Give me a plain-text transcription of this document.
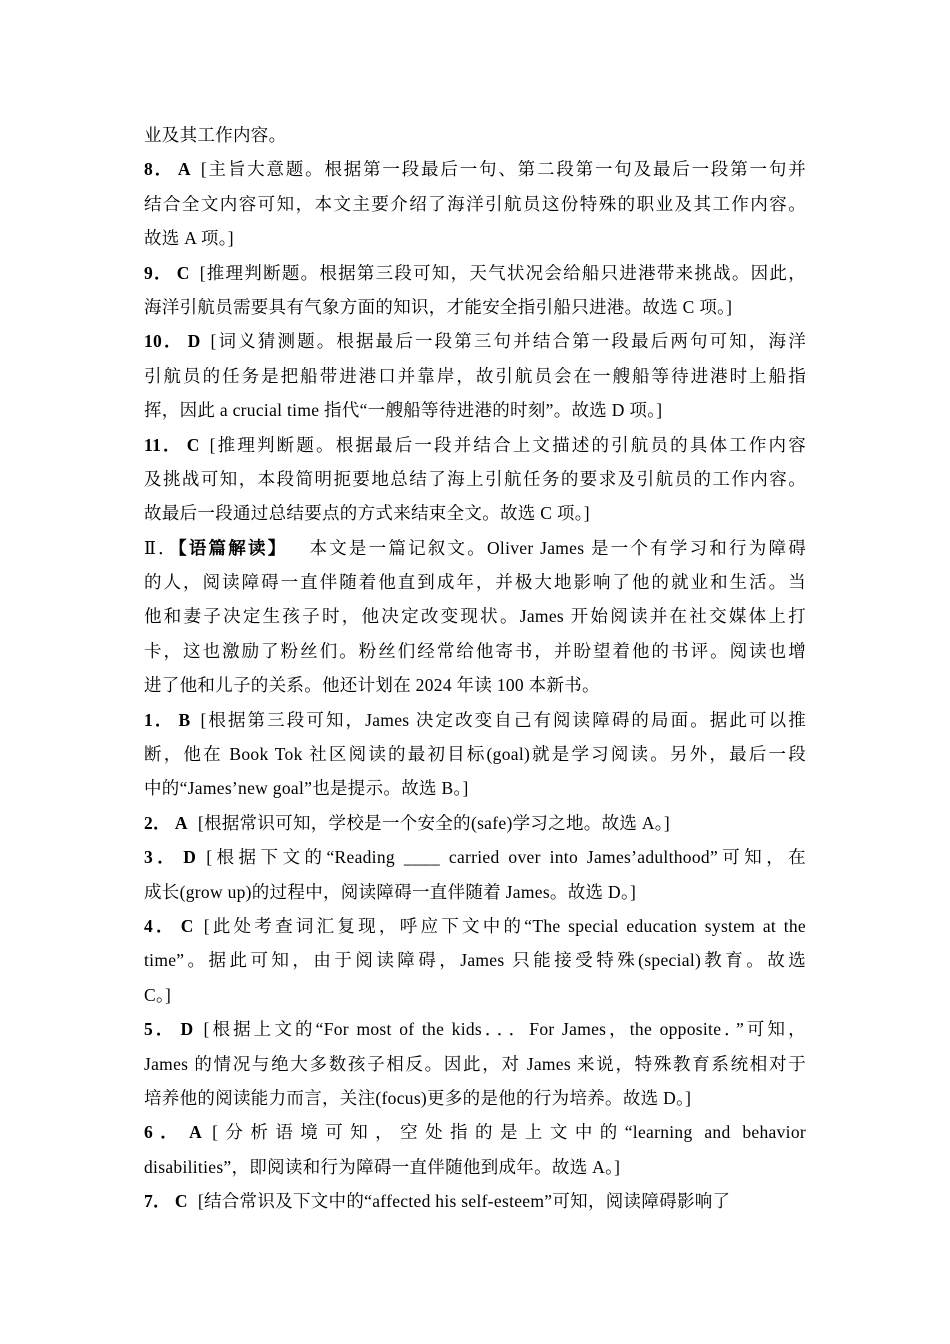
业及其工作内容。
8． A [主旨大意题。根据第一段最后一句、第二段第一句及最后一段第一句并
结合全文内容可知，本文主要介绍了海洋引航员这份特殊的职业及其工作内容。
故选 A 项。]
9． C [推理判断题。根据第三段可知，天气状况会给船只进港带来挑战。因此，
海洋引航员需要具有气象方面的知识，才能安全指引船只进港。故选 C 项。]
10． D [词义猜测题。根据最后一段第三句并结合第一段最后两句可知，海洋
引航员的任务是把船带进港口并靠岸，故引航员会在一艘船等待进港时上船指
挥，因此 a crucial time 指代“一艘船等待进港的时刻”。故选 D 项。]
11． C [推理判断题。根据最后一段并结合上文描述的引航员的具体工作内容
及挑战可知，本段简明扼要地总结了海上引航任务的要求及引航员的工作内容。
故最后一段通过总结要点的方式来结束全文。故选 C 项。]
Ⅱ．【语篇解读】 本文是一篇记叙文。Oliver James 是一个有学习和行为障碍
的人，阅读障碍一直伴随着他直到成年，并极大地影响了他的就业和生活。当
他和妻子决定生孩子时，他决定改变现状。James 开始阅读并在社交媒体上打
卡，这也激励了粉丝们。粉丝们经常给他寄书，并盼望着他的书评。阅读也增
进了他和儿子的关系。他还计划在 2024 年读 100 本新书。
1． B [根据第三段可知，James 决定改变自己有阅读障碍的局面。据此可以推
断，他在 Book Tok 社区阅读的最初目标(goal)就是学习阅读。另外，最后一段
中的“James’new goal”也是提示。故选 B。]
2． A [根据常识可知，学校是一个安全的(safe)学习之地。故选 A。]
3． D [根据下文的“Reading ____ carried over into James’adulthood”可知，在
成长(grow up)的过程中，阅读障碍一直伴随着 James。故选 D。]
4． C [此处考查词汇复现，呼应下文中的“The special education system at the
time”。据此可知，由于阅读障碍，James 只能接受特殊(special)教育。故选
C。]
5． D [根据上文的“For most of the kids．．．For James，the opposite．”可知，
James 的情况与绝大多数孩子相反。因此，对 James 来说，特殊教育系统相对于
培养他的阅读能力而言，关注(focus)更多的是他的行为培养。故选 D。]
6． A [分析语境可知，空处指的是上文中的“learning and behavior
disabilities”，即阅读和行为障碍一直伴随他到成年。故选 A。]
7． C [结合常识及下文中的“affected his self-esteem”可知，阅读障碍影响了
